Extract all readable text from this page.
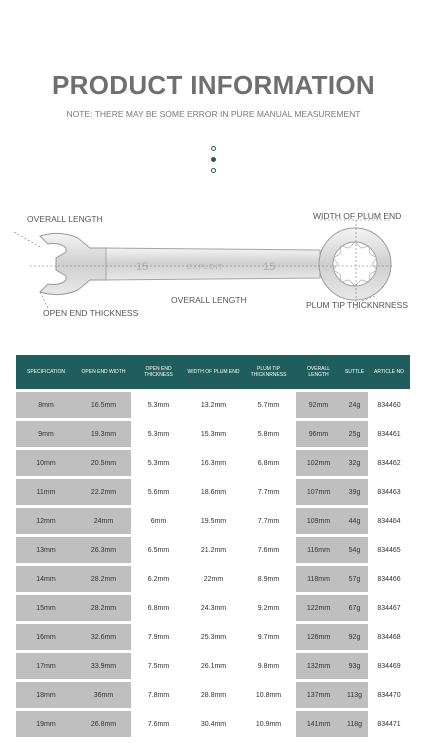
PRODUCT INFORMATION
NOTE: THERE MAY BE SOME ERROR IN PURE MANUAL MEASUREMENT
15	EXPLOIT	15
OVERALL LENGTH	WIDTH OF PLUM END
OVERALL LENGTH
OPEN END THICKNESS
PLUM TIP THICKNRNESS
SPECIFICATION	OPEN END WIDTH	OPEN END THICKNESS	WIDTH OF PLUM END	PLUM TIP THICKNRNESS	OVERALL LENGTH	SUTTLE	ARTICLE NO
8mm	16.5mm	5.3mm	13.2mm	5.7mm	92mm	24g	834460
9mm	19.3mm	5.3mm	15.3mm	5.8mm	96mm	25g	834461
10mm	20.5mm	5.3mm	16.3mm	6.8mm	102mm	32g	834462
11mm	22.2mm	5.6mm	18.6mm	7.7mm	107mm	39g	834463
12mm	24mm	6mm	19.5mm	7.7mm	109mm	44g	834464
13mm	26.3mm	6.5mm	21.2mm	7.6mm	116mm	54g	834465
14mm	28.2mm	6.2mm	22mm	8.9mm	118mm	57g	834466
15mm	28.2mm	6.8mm	24.3mm	9.2mm	122mm	67g	834467
16mm	32.6mm	7.9mm	25.3mm	9.7mm	126mm	92g	834468
17mm	33.9mm	7.5mm	26.1mm	9.8mm	132mm	93g	834469
18mm	36mm	7.8mm	28.8mm	10.8mm	137mm	113g	834470
19mm	26.8mm	7.6mm	30.4mm	10.9mm	141mm	118g	834471
